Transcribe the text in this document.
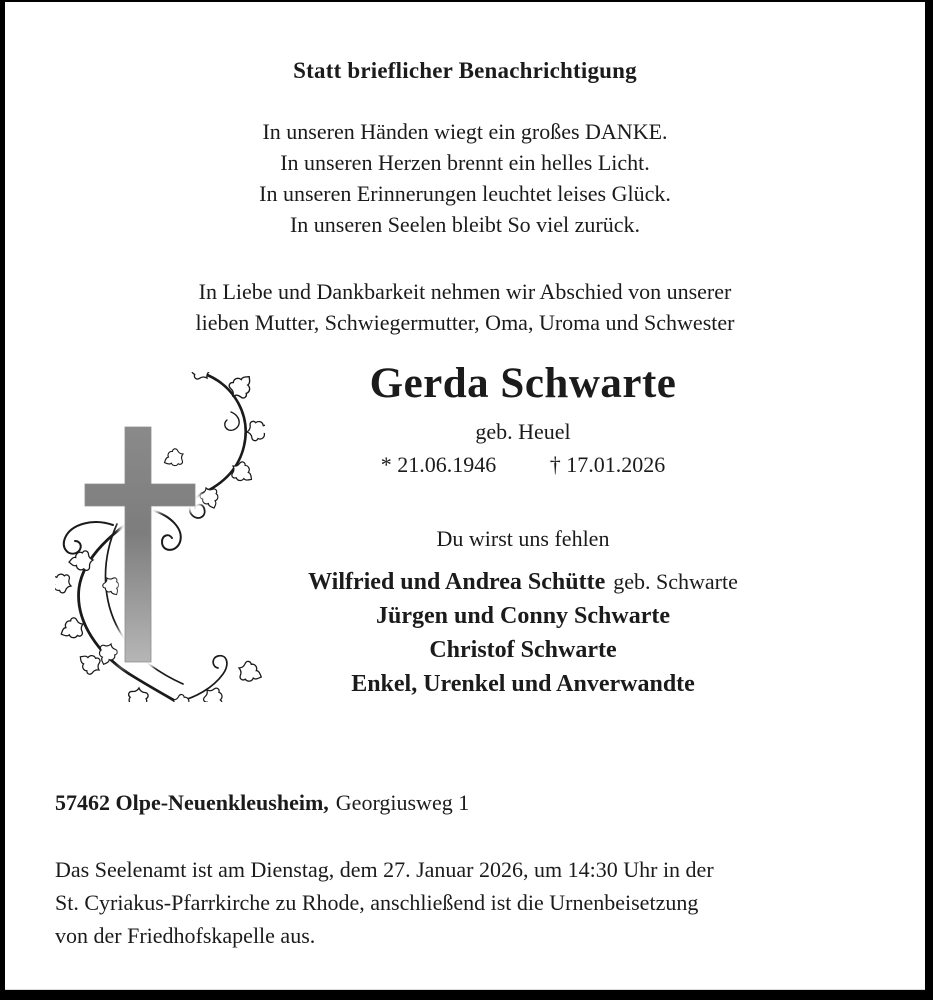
Statt brieflicher Benachrichtigung
In unseren Händen wiegt ein großes DANKE.
In unseren Herzen brennt ein helles Licht.
In unseren Erinnerungen leuchtet leises Glück.
In unseren Seelen bleibt So viel zurück.
In Liebe und Dankbarkeit nehmen wir Abschied von unserer
lieben Mutter, Schwiegermutter, Oma, Uroma und Schwester
Gerda Schwarte
geb. Heuel
* 21.06.1946 † 17.01.2026
Du wirst uns fehlen
Wilfried und Andrea Schütte geb. Schwarte
Jürgen und Conny Schwarte
Christof Schwarte
Enkel, Urenkel und Anverwandte
57462 Olpe-Neuenkleusheim, Georgiusweg 1
Das Seelenamt ist am Dienstag, dem 27. Januar 2026, um 14:30 Uhr in der
St. Cyriakus-Pfarrkirche zu Rhode, anschließend ist die Urnenbeisetzung
von der Friedhofskapelle aus.
